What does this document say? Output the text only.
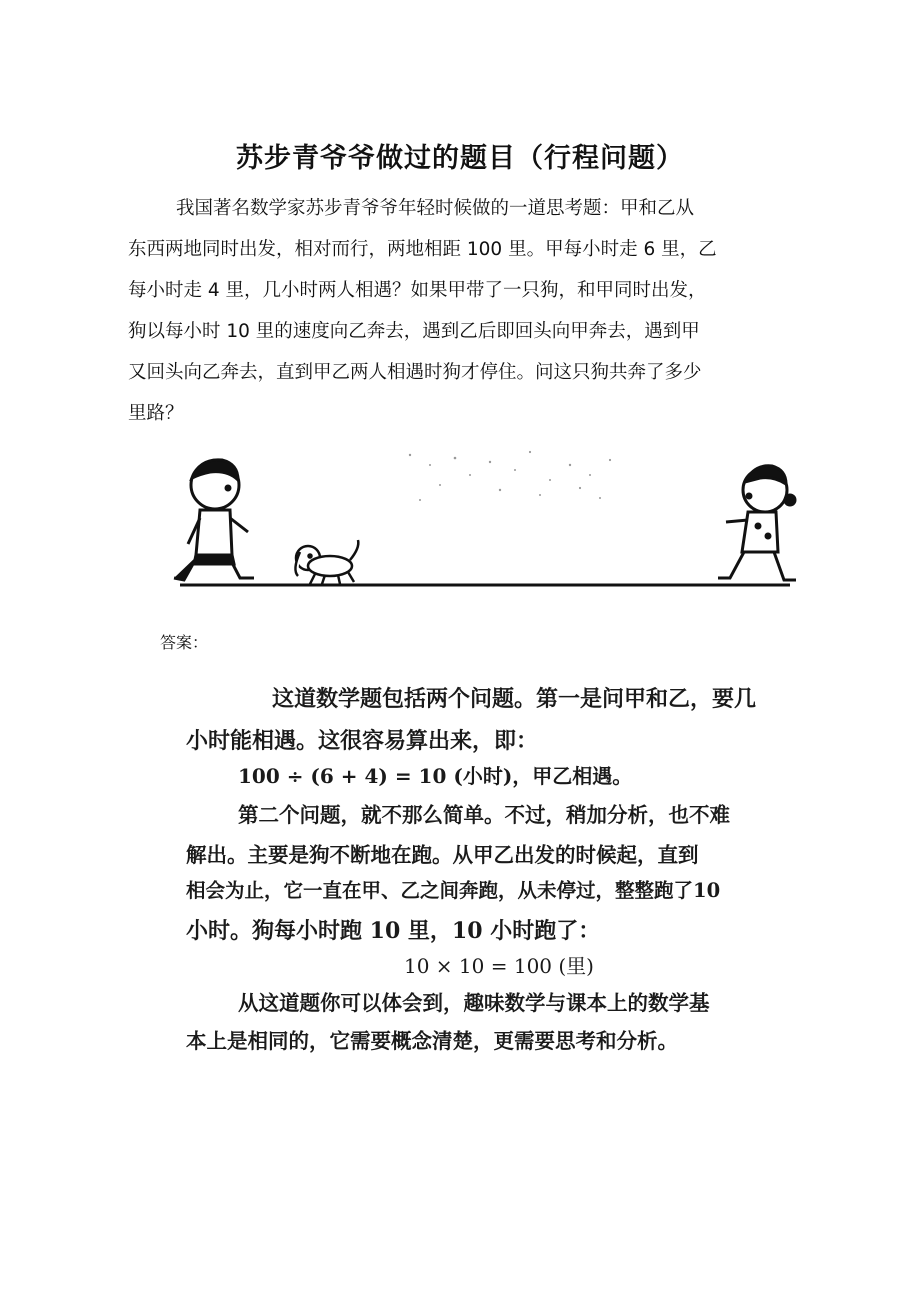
苏步青爷爷做过的题目（行程问题）
我国著名数学家苏步青爷爷年轻时候做的一道思考题：甲和乙从
东西两地同时出发，相对而行，两地相距 100 里。甲每小时走 6 里，乙
每小时走 4 里，几小时两人相遇？如果甲带了一只狗，和甲同时出发，
狗以每小时 10 里的速度向乙奔去，遇到乙后即回头向甲奔去，遇到甲
又回头向乙奔去，直到甲乙两人相遇时狗才停住。问这只狗共奔了多少
里路？
答案：
这道数学题包括两个问题。第一是问甲和乙，要几
小时能相遇。这很容易算出来，即：
100 ÷ (6 + 4) = 10 (小时)，甲乙相遇。
第二个问题，就不那么简单。不过，稍加分析，也不难
解出。主要是狗不断地在跑。从甲乙出发的时候起，直到
相会为止，它一直在甲、乙之间奔跑，从未停过，整整跑了10
小时。狗每小时跑 10 里，10 小时跑了：
10 × 10 = 100 (里)
从这道题你可以体会到，趣味数学与课本上的数学基
本上是相同的，它需要概念清楚，更需要思考和分析。
